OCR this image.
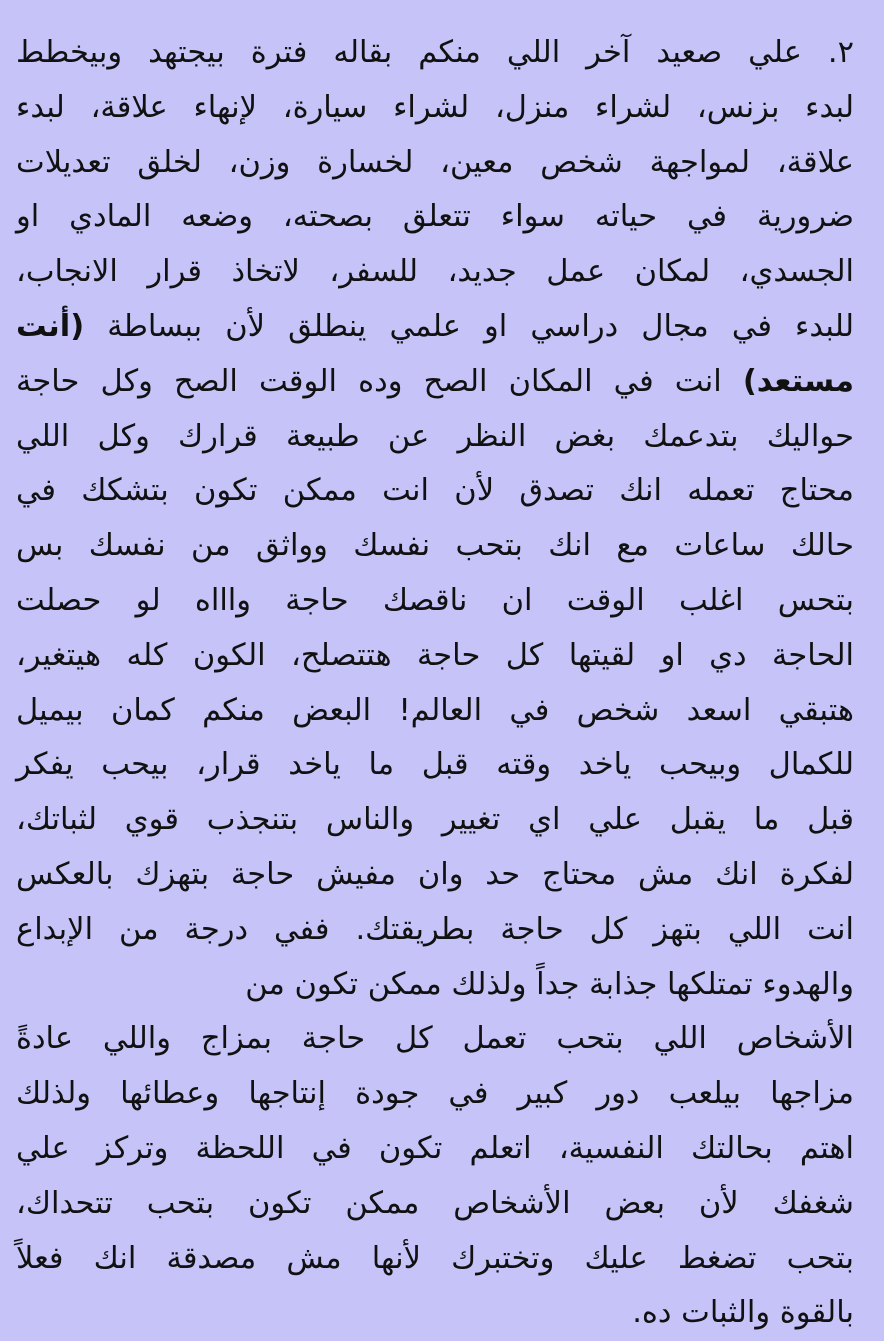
٢. علي صعيد آخر اللي منكم بقاله فترة بيجتهد وبيخطط
لبدء بزنس، لشراء منزل، لشراء سيارة، لإنهاء علاقة، لبدء
علاقة، لمواجهة شخص معين، لخسارة وزن، لخلق تعديلات
ضرورية في حياته سواء تتعلق بصحته، وضعه المادي او
الجسدي، لمكان عمل جديد، للسفر، لاتخاذ قرار الانجاب،
للبدء في مجال دراسي او علمي ينطلق لأن ببساطة (أنت
مستعد) انت في المكان الصح وده الوقت الصح وكل حاجة
حواليك بتدعمك بغض النظر عن طبيعة قرارك وكل اللي
محتاج تعمله انك تصدق لأن انت ممكن تكون بتشكك في
حالك ساعات مع انك بتحب نفسك وواثق من نفسك بس
بتحس اغلب الوقت ان ناقصك حاجة واااه لو حصلت
الحاجة دي او لقيتها كل حاجة هتتصلح، الكون كله هيتغير،
هتبقي اسعد شخص في العالم! البعض منكم كمان بيميل
للكمال وبيحب ياخد وقته قبل ما ياخد قرار، بيحب يفكر
قبل ما يقبل علي اي تغيير والناس بتنجذب قوي لثباتك،
لفكرة انك مش محتاج حد وان مفيش حاجة بتهزك بالعكس
انت اللي بتهز كل حاجة بطريقتك. ففي درجة من الإبداع
والهدوء تمتلكها جذابة جداً ولذلك ممكن تكون من
الأشخاص اللي بتحب تعمل كل حاجة بمزاج واللي عادةً
مزاجها بيلعب دور كبير في جودة إنتاجها وعطائها ولذلك
اهتم بحالتك النفسية، اتعلم تكون في اللحظة وتركز علي
شغفك لأن بعض الأشخاص ممكن تكون بتحب تتحداك،
بتحب تضغط عليك وتختبرك لأنها مش مصدقة انك فعلاً
بالقوة والثبات ده.
